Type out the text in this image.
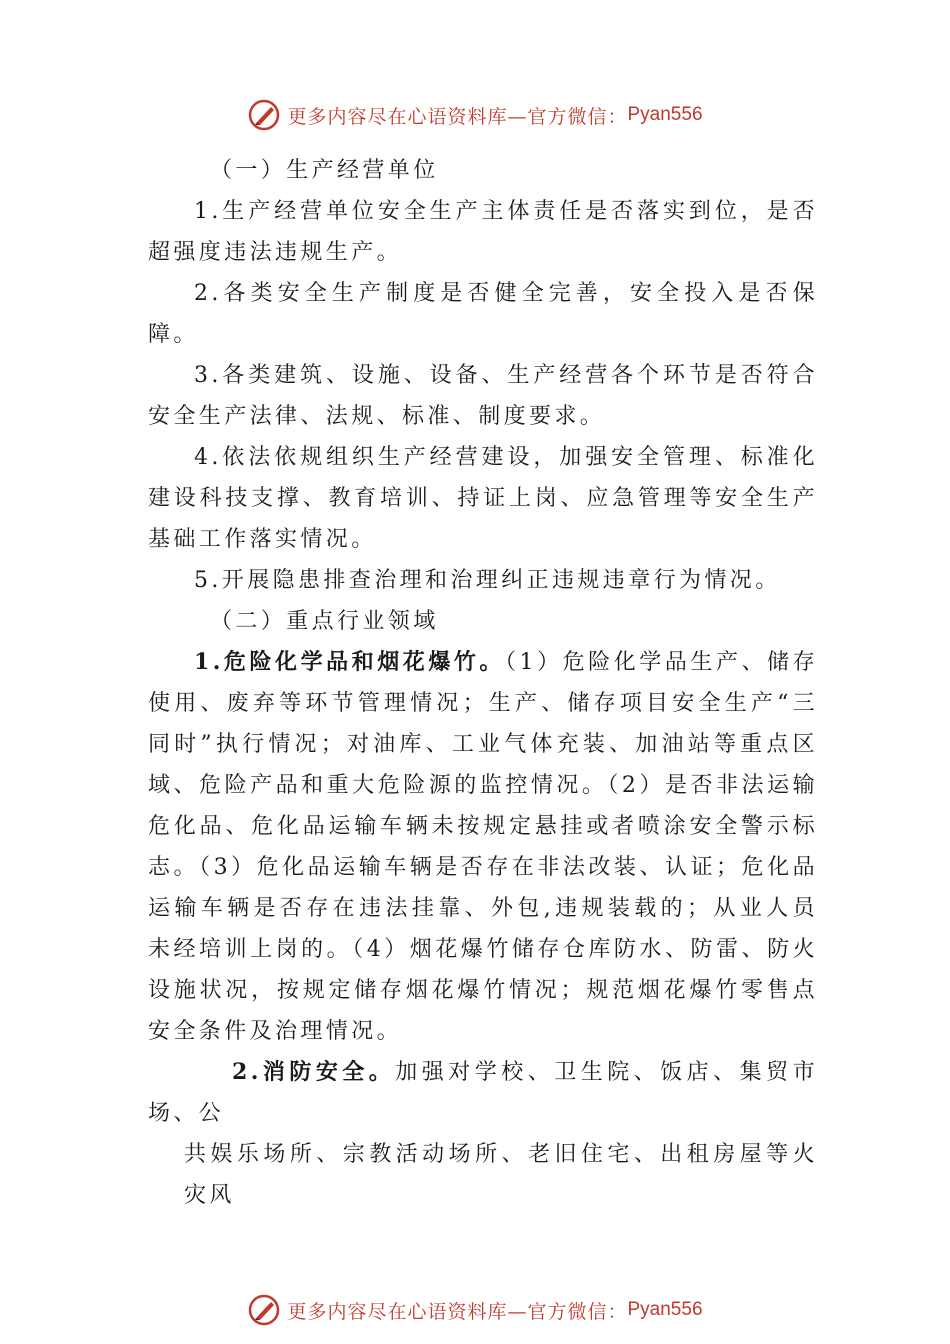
更多内容尽在心语资料库—官方微信： Pyan556

（一）生产经营单位

1.生产经营单位安全生产主体责任是否落实到位，是否超强度违法违规生产。

2.各类安全生产制度是否健全完善，安全投入是否保障。

3.各类建筑、设施、设备、生产经营各个环节是否符合安全生产法律、法规、标准、制度要求。

4.依法依规组织生产经营建设，加强安全管理、标准化建设科技支撑、教育培训、持证上岗、应急管理等安全生产基础工作落实情况。

5.开展隐患排查治理和治理纠正违规违章行为情况。

（二）重点行业领域

1.危险化学品和烟花爆竹。（1）危险化学品生产、储存使用、废弃等环节管理情况；生产、储存项目安全生产“三同时”执行情况；对油库、工业气体充装、加油站等重点区 域、危险产品和重大危险源的监控情况。（2）是否非法运输危化品、危化品运输车辆未按规定悬挂或者喷涂安全警示标志。（3）危化品运输车辆是否存在非法改装、认证；危化品 运输车辆是否存在违法挂靠、外包,违规装载的；从业人员未经培训上岗的。（4）烟花爆竹储存仓库防水、防雷、防火设施状况，按规定储存烟花爆竹情况；规范烟花爆竹零售点安全条件及治理情况。

2.消防安全。加强对学校、卫生院、饭店、集贸市场、公

共娱乐场所、宗教活动场所、老旧住宅、出租房屋等火灾风

更多内容尽在心语资料库—官方微信： Pyan556
